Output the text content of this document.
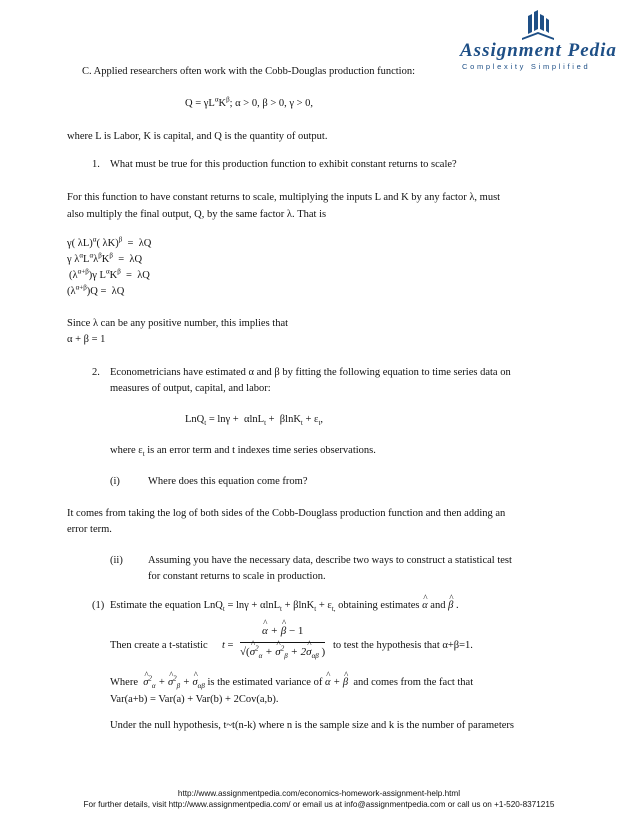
Assignment Pedia
Complexity Simplified
C. Applied researchers often work with the Cobb-Douglas production function:
$Q = \gamma L^\alpha K^\beta$; α > 0, β > 0, γ > 0,
where L is Labor, K is capital, and Q is the quantity of output.
1. What must be true for this production function to exhibit constant returns to scale?
For this function to have constant returns to scale, multiplying the inputs L and K by any factor λ, must
also multiply the final output, Q, by the same factor λ. That is
γ( λL)$^\alpha$( λK)$^\beta$  =  λQ
γ $\lambda^\alpha L^\alpha\lambda^\beta K^\beta = \lambda Q$
$(\lambda^{\alpha+\beta})\gamma$ $L^\alpha K^\beta = \lambda Q$
$(\lambda^{\alpha+\beta})Q = \lambda Q$
Since λ can be any positive number, this implies that
α + β = 1
2. Econometricians have estimated α and β by fitting the following equation to time series data on
measures of output, capital, and labor:
$LnQ_t = \ln\gamma + \alpha\ln L_t + \beta\ln K_t + \varepsilon_t$,
where $\varepsilon_t$ is an error term and t indexes time series observations.
(i)	Where does this equation come from?
It comes from taking the log of both sides of the Cobb-Douglass production function and then adding an
error term.
(ii) Assuming you have the necessary data, describe two ways to construct a statistical test
for constant returns to scale in production.
(1) Estimate the equation $LnQ_t = \ln\gamma + \alpha\ln L_t + \beta\ln K_t + \varepsilon_{t,}$ obtaining estimates ^ α and ^ β .
Then create a t-statistic t =
^ α + ^ β − 1
√(^ $\sigma^2_\alpha$ + ^ $\sigma^2_\beta$ + 2^ $\sigma_{\alpha\beta}$ )
to test the hypothesis that α+β=1.
Where ^ $\sigma^2_\alpha$ + ^ $\sigma^2_\beta$ + ^ $\sigma_{\alpha\beta}$ is the estimated variance of ^ α + ^ β and comes from the fact that
Var(a+b) = Var(a) + Var(b) + 2Cov(a,b).
Under the null hypothesis, t~t(n-k) where n is the sample size and k is the number of parameters
http://www.assignmentpedia.com/economics-homework-assignment-help.html
For further details, visit http://www.assignmentpedia.com/ or email us at info@assignmentpedia.com or call us on +1-520-8371215
